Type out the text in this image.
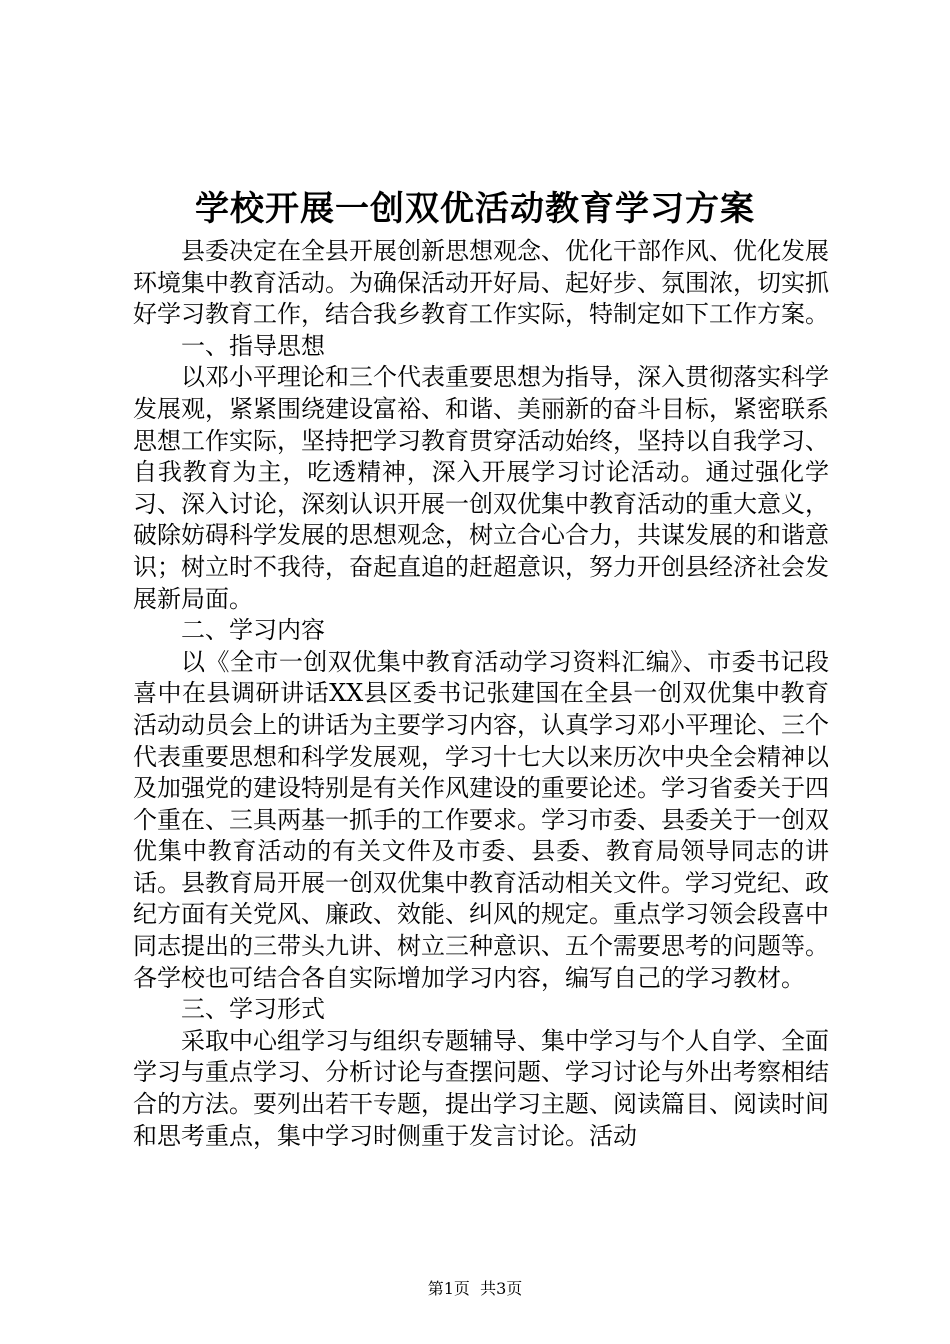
学校开展一创双优活动教育学习方案

县委决定在全县开展创新思想观念、优化干部作风、优化发展环境集中教育活动。为确保活动开好局、起好步、氛围浓，切实抓好学习教育工作，结合我乡教育工作实际，特制定如下工作方案。

一、指导思想

以邓小平理论和三个代表重要思想为指导，深入贯彻落实科学发展观，紧紧围绕建设富裕、和谐、美丽新的奋斗目标，紧密联系思想工作实际，坚持把学习教育贯穿活动始终，坚持以自我学习、自我教育为主，吃透精神，深入开展学习讨论活动。通过强化学习、深入讨论，深刻认识开展一创双优集中教育活动的重大意义，破除妨碍科学发展的思想观念，树立合心合力，共谋发展的和谐意识；树立时不我待，奋起直追的赶超意识，努力开创县经济社会发展新局面。

二、学习内容

以《全市一创双优集中教育活动学习资料汇编》、市委书记段喜中在县调研讲话XX县区委书记张建国在全县一创双优集中教育活动动员会上的讲话为主要学习内容，认真学习邓小平理论、三个代表重要思想和科学发展观，学习十七大以来历次中央全会精神以及加强党的建设特别是有关作风建设的重要论述。学习省委关于四个重在、三具两基一抓手的工作要求。学习市委、县委关于一创双优集中教育活动的有关文件及市委、县委、教育局领导同志的讲话。县教育局开展一创双优集中教育活动相关文件。学习党纪、政纪方面有关党风、廉政、效能、纠风的规定。重点学习领会段喜中同志提出的三带头九讲、树立三种意识、五个需要思考的问题等。各学校也可结合各自实际增加学习内容，编写自己的学习教材。

三、学习形式

采取中心组学习与组织专题辅导、集中学习与个人自学、全面学习与重点学习、分析讨论与查摆问题、学习讨论与外出考察相结合的方法。要列出若干专题，提出学习主题、阅读篇目、阅读时间和思考重点，集中学习时侧重于发言讨论。活动

第1页 共3页
